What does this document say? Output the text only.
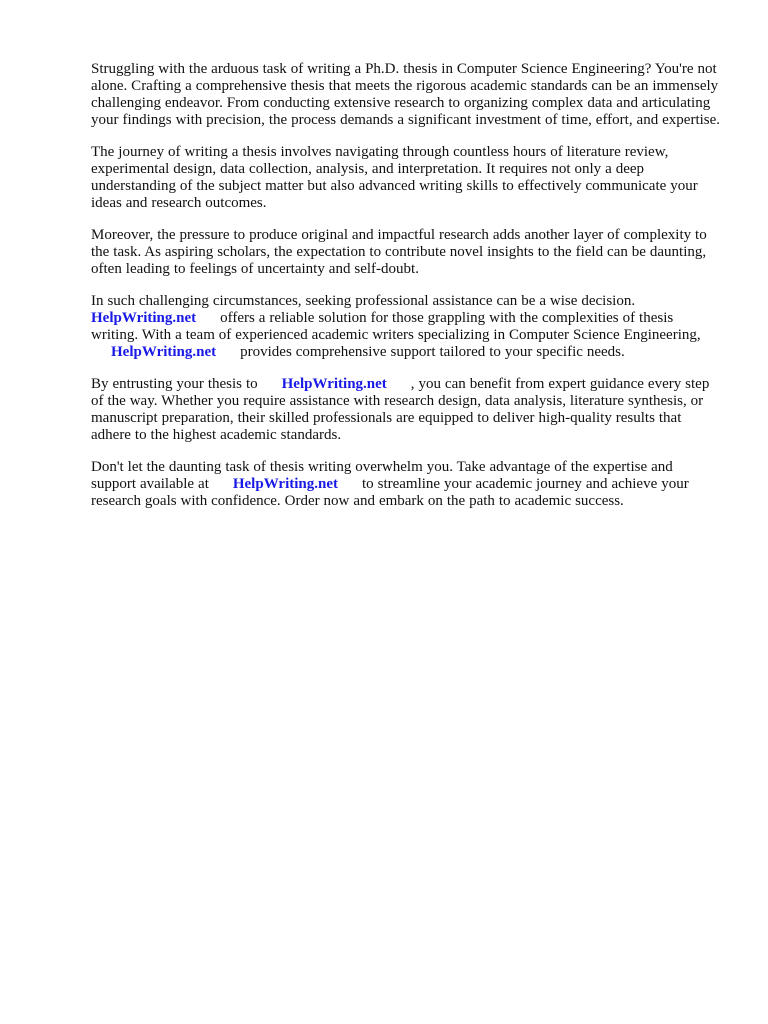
Struggling with the arduous task of writing a Ph.D. thesis in Computer Science Engineering? You're not alone. Crafting a comprehensive thesis that meets the rigorous academic standards can be an immensely challenging endeavor. From conducting extensive research to organizing complex data and articulating your findings with precision, the process demands a significant investment of time, effort, and expertise.

The journey of writing a thesis involves navigating through countless hours of literature review, experimental design, data collection, analysis, and interpretation. It requires not only a deep understanding of the subject matter but also advanced writing skills to effectively communicate your ideas and research outcomes.

Moreover, the pressure to produce original and impactful research adds another layer of complexity to the task. As aspiring scholars, the expectation to contribute novel insights to the field can be daunting, often leading to feelings of uncertainty and self-doubt.

In such challenging circumstances, seeking professional assistance can be a wise decision.
HelpWriting.net offers a reliable solution for those grappling with the complexities of thesis writing. With a team of experienced academic writers specializing in Computer Science Engineering,
HelpWriting.net provides comprehensive support tailored to your specific needs.

By entrusting your thesis to HelpWriting.net , you can benefit from expert guidance every step of the way. Whether you require assistance with research design, data analysis, literature synthesis, or manuscript preparation, their skilled professionals are equipped to deliver high-quality results that adhere to the highest academic standards.

Don't let the daunting task of thesis writing overwhelm you. Take advantage of the expertise and support available at HelpWriting.net to streamline your academic journey and achieve your research goals with confidence. Order now and embark on the path to academic success.
